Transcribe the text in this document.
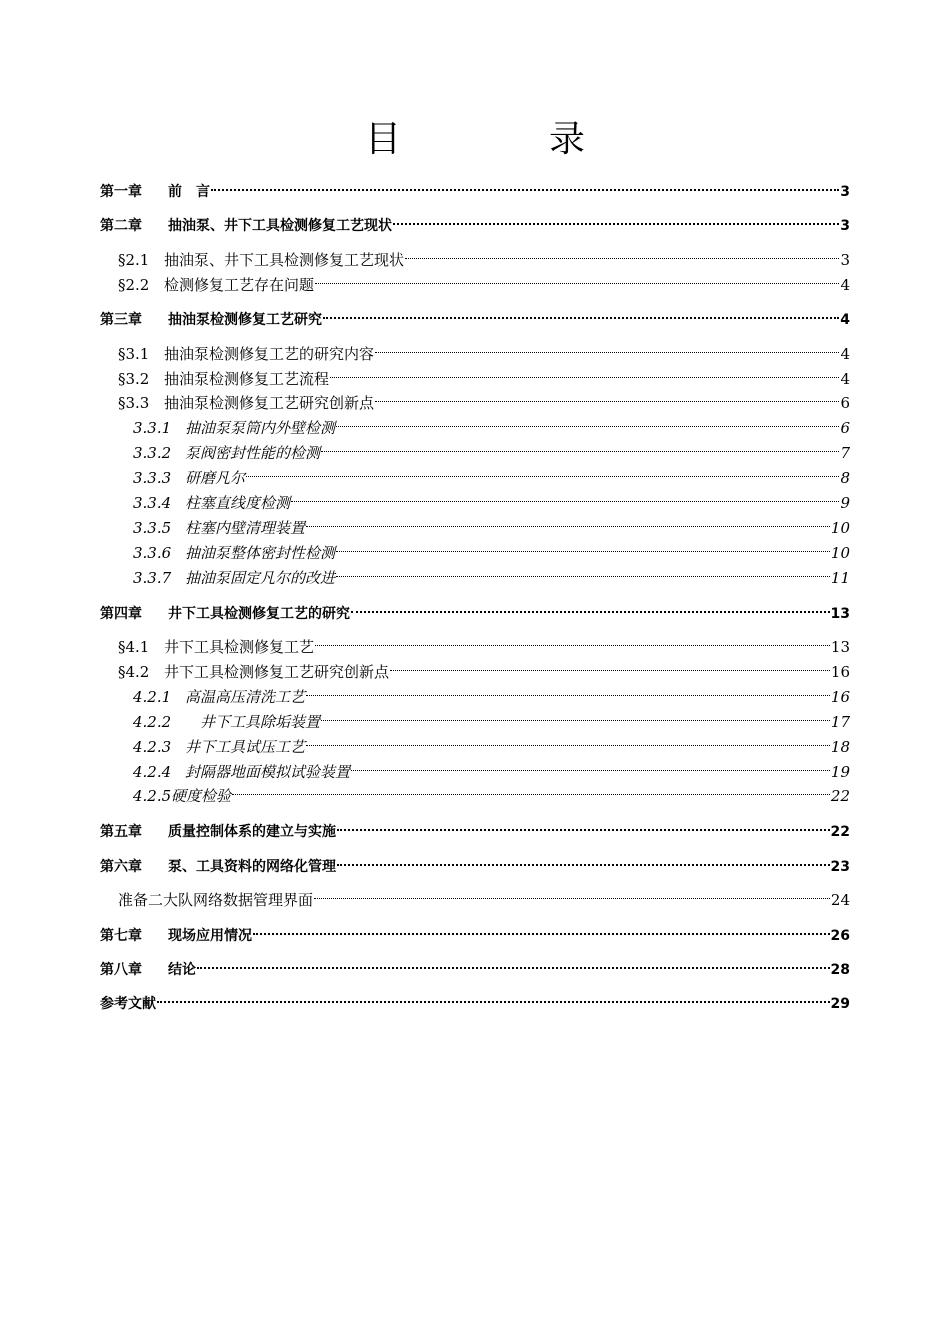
目　录
第一章	前　言	3
第二章	抽油泵、井下工具检测修复工艺现状	3
§2.1 抽油泵、井下工具检测修复工艺现状	3
§2.2 检测修复工艺存在问题	4
第三章	抽油泵检测修复工艺研究	4
§3.1 抽油泵检测修复工艺的研究内容	4
§3.2 抽油泵检测修复工艺流程	4
§3.3 抽油泵检测修复工艺研究创新点	6
3.3.1 抽油泵泵筒内外壁检测	6
3.3.2 泵阀密封性能的检测	7
3.3.3 研磨凡尔	8
3.3.4 柱塞直线度检测	9
3.3.5 柱塞内壁清理装置	10
3.3.6 抽油泵整体密封性检测	10
3.3.7 抽油泵固定凡尔的改进	11
第四章	井下工具检测修复工艺的研究	13
§4.1 井下工具检测修复工艺	13
§4.2 井下工具检测修复工艺研究创新点	16
4.2.1 高温高压清洗工艺	16
4.2.2 　井下工具除垢装置	17
4.2.3 井下工具试压工艺	18
4.2.4 封隔器地面模拟试验装置	19
4.2.5 硬度检验	22
第五章	质量控制体系的建立与实施	22
第六章	泵、工具资料的网络化管理	23
准备二大队网络数据管理界面	24
第七章	现场应用情况	26
第八章	结论	28
参考文献	29
